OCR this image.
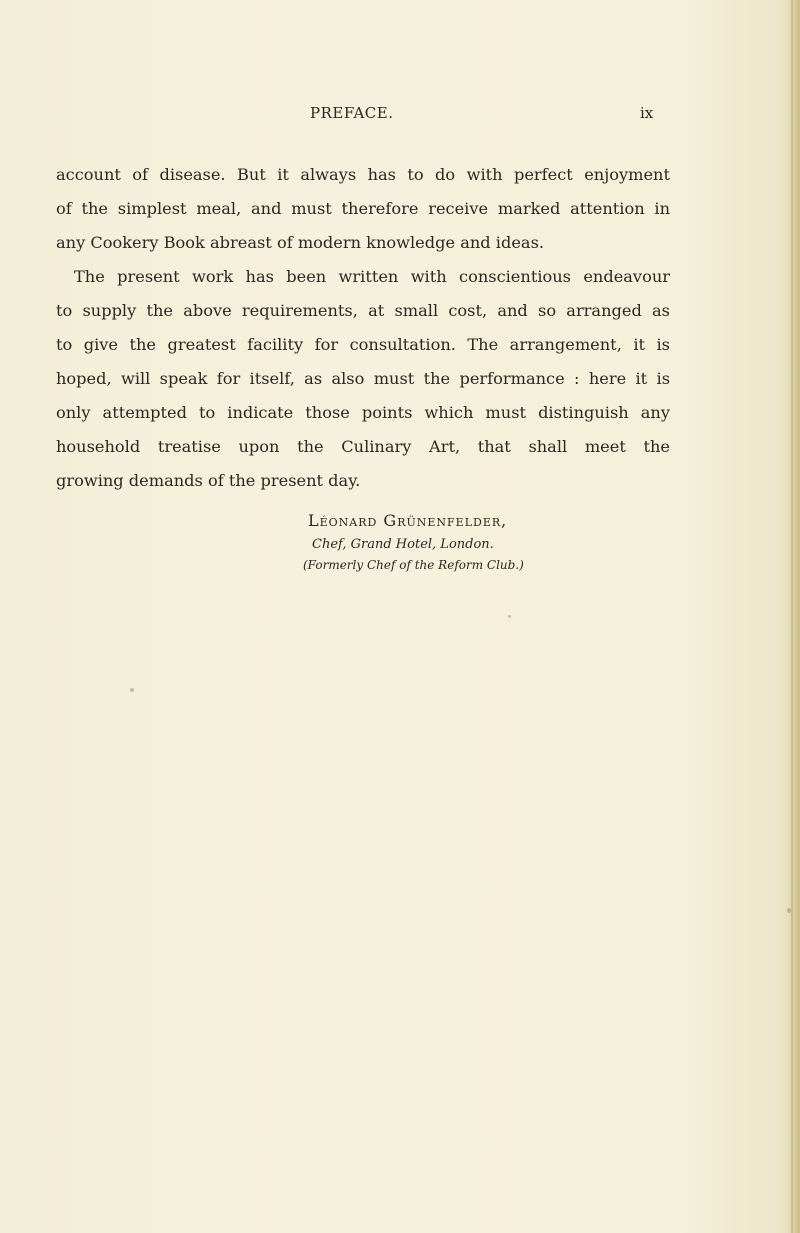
PREFACE.	ix
account of disease. But it always has to do with perfect enjoyment
of the simplest meal, and must therefore receive marked attention in
any Cookery Book abreast of modern knowledge and ideas.
The present work has been written with conscientious endeavour
to supply the above requirements, at small cost, and so arranged as
to give the greatest facility for consultation. The arrangement, it is
hoped, will speak for itself, as also must the performance : here it is
only attempted to indicate those points which must distinguish any
household treatise upon the Culinary Art, that shall meet the
growing demands of the present day.
Léonard Grünenfelder,
Chef, Grand Hotel, London.
(Formerly Chef of the Reform Club.)
